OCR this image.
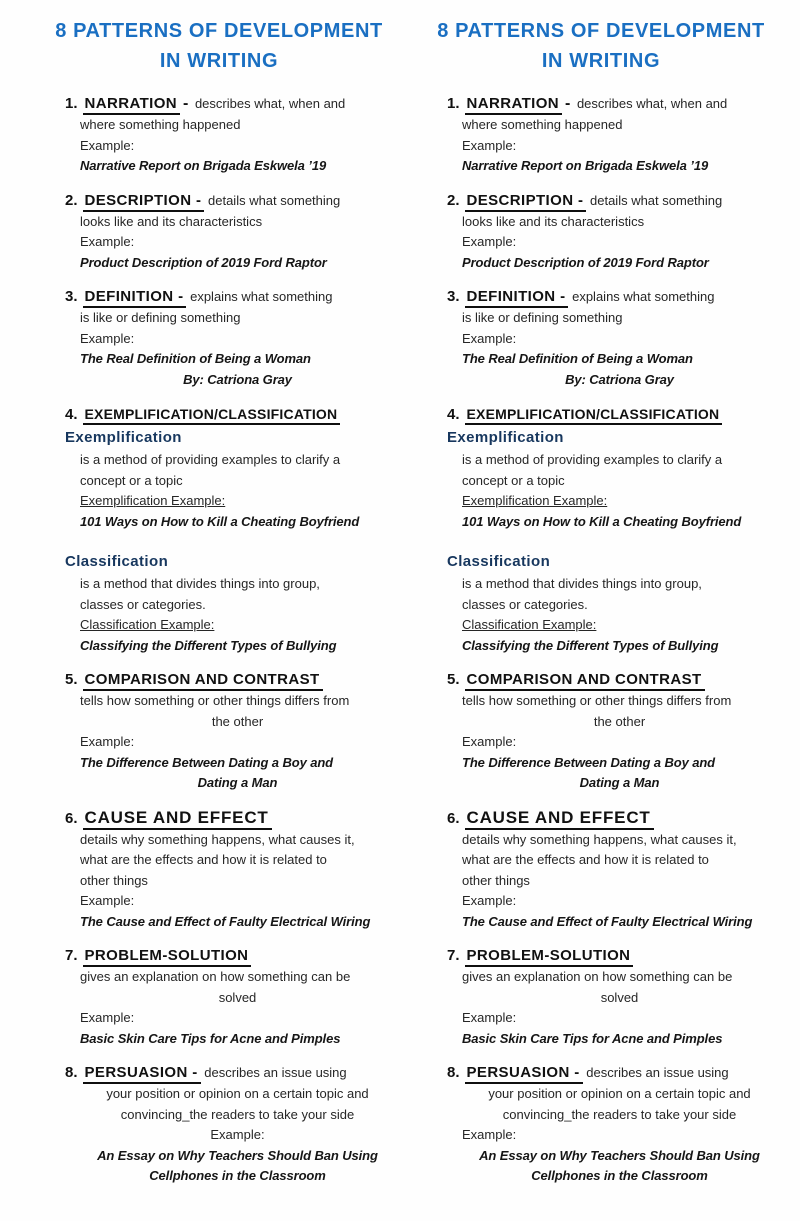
8 PATTERNS OF DEVELOPMENT
IN WRITING
1. NARRATION - describes what, when and
where something happened
Example:
Narrative Report on Brigada Eskwela ’19
2. DESCRIPTION - details what something
looks like and its characteristics
Example:
Product Description of 2019 Ford Raptor
3. DEFINITION - explains what something
is like or defining something
Example:
The Real Definition of Being a Woman
By: Catriona Gray
4. EXEMPLIFICATION/CLASSIFICATION
Exemplification
is a method of providing examples to clarify a
concept or a topic
Exemplification Example:
101 Ways on How to Kill a Cheating Boyfriend
Classification
is a method that divides things into group,
classes or categories.
Classification Example:
Classifying the Different Types of Bullying
5. COMPARISON AND CONTRAST
tells how something or other things differs from
the other
Example:
The Difference Between Dating a Boy and
Dating a Man
6. CAUSE AND EFFECT
details why something happens, what causes it,
what are the effects and how it is related to
other things
Example:
The Cause and Effect of Faulty Electrical Wiring
7. PROBLEM-SOLUTION
gives an explanation on how something can be
solved
Example:
Basic Skin Care Tips for Acne and Pimples
8. PERSUASION - describes an issue using
your position or opinion on a certain topic and
convincing_the readers to take your side
Example:
An Essay on Why Teachers Should Ban Using
Cellphones in the Classroom
8 PATTERNS OF DEVELOPMENT
IN WRITING
1. NARRATION - describes what, when and
where something happened
Example:
Narrative Report on Brigada Eskwela ’19
2. DESCRIPTION - details what something
looks like and its characteristics
Example:
Product Description of 2019 Ford Raptor
3. DEFINITION - explains what something
is like or defining something
Example:
The Real Definition of Being a Woman
By: Catriona Gray
4. EXEMPLIFICATION/CLASSIFICATION
Exemplification
is a method of providing examples to clarify a
concept or a topic
Exemplification Example:
101 Ways on How to Kill a Cheating Boyfriend
Classification
is a method that divides things into group,
classes or categories.
Classification Example:
Classifying the Different Types of Bullying
5. COMPARISON AND CONTRAST
tells how something or other things differs from
the other
Example:
The Difference Between Dating a Boy and
Dating a Man
6. CAUSE AND EFFECT
details why something happens, what causes it,
what are the effects and how it is related to
other things
Example:
The Cause and Effect of Faulty Electrical Wiring
7. PROBLEM-SOLUTION
gives an explanation on how something can be
solved
Example:
Basic Skin Care Tips for Acne and Pimples
8. PERSUASION - describes an issue using
your position or opinion on a certain topic and
convincing_the readers to take your side
Example:
An Essay on Why Teachers Should Ban Using
Cellphones in the Classroom
